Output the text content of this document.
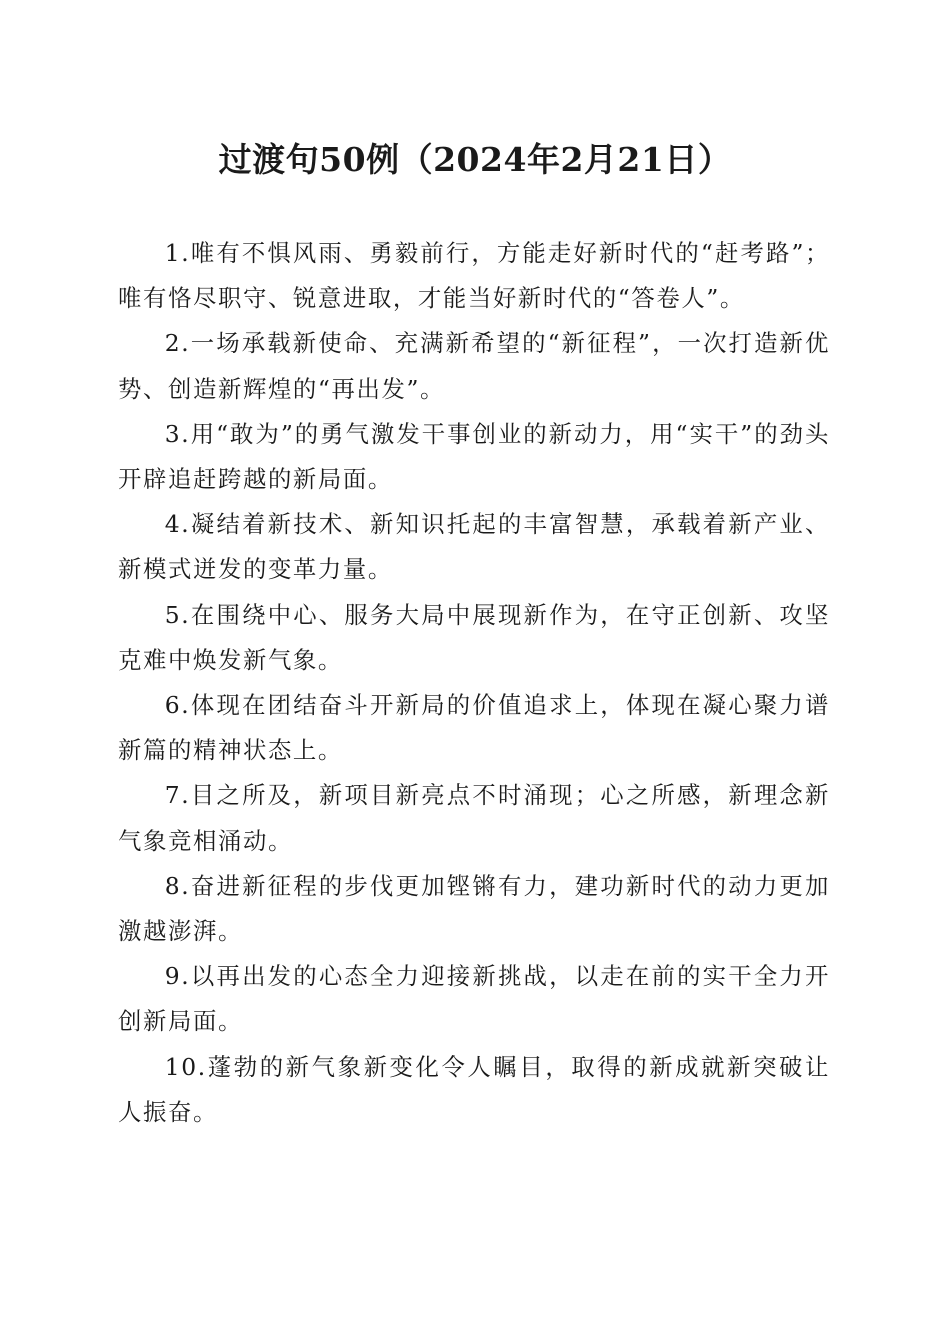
过渡句50例（2024年2月21日）

1.唯有不惧风雨、勇毅前行，方能走好新时代的“赶考路”；唯有恪尽职守、锐意进取，才能当好新时代的“答卷人”。

2.一场承载新使命、充满新希望的“新征程”，一次打造新优势、创造新辉煌的“再出发”。

3.用“敢为”的勇气激发干事创业的新动力，用“实干”的劲头开辟追赶跨越的新局面。

4.凝结着新技术、新知识托起的丰富智慧，承载着新产业、新模式迸发的变革力量。

5.在围绕中心、服务大局中展现新作为，在守正创新、攻坚克难中焕发新气象。

6.体现在团结奋斗开新局的价值追求上，体现在凝心聚力谱新篇的精神状态上。

7.目之所及，新项目新亮点不时涌现；心之所感，新理念新气象竞相涌动。

8.奋进新征程的步伐更加铿锵有力，建功新时代的动力更加激越澎湃。

9.以再出发的心态全力迎接新挑战，以走在前的实干全力开创新局面。

10.蓬勃的新气象新变化令人瞩目，取得的新成就新突破让人振奋。
